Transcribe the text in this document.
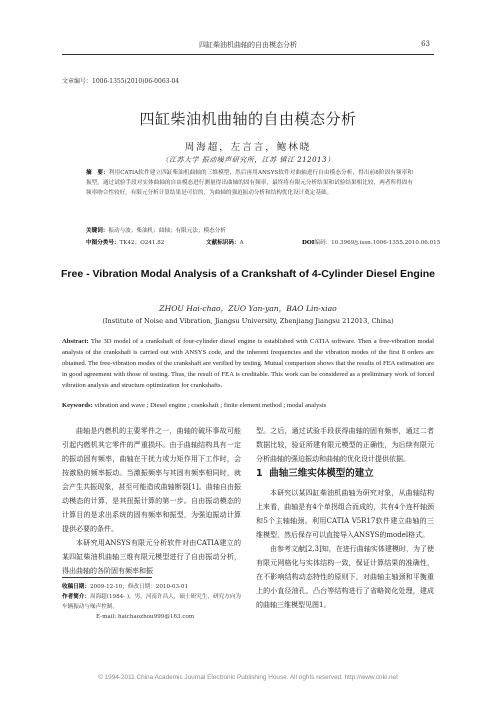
四缸柴油机曲轴的自由模态分析	63
文章编号：1006-1355(2010)06-0063-04
四缸柴油机曲轴的自由模态分析
周海超，左言言，鲍林晓
（江苏大学 振动噪声研究所，江苏 镇江 212013）
摘　要：利用CATIA软件建立四缸柴油机曲轴的三维模型，然后再用ANSYS软件对曲轴进行自由模态分析，得出前8阶固有频率和振型。通过试验手段对实体曲轴的自由模态进行测量得出曲轴的固有频率，最终将有限元分析结果和试验结果相比较，两者所得固有频率吻合性较好，有限元分析计算结果是可信的，为曲轴的强迫振动分析和结构优化设计奠定基础。
关键词：振动与波；柴油机；曲轴；有限元法；模态分析
中图分类号：TK42；O241.82	文献标识码：A	DOI编码：10.3969/j.issn.1006-1355.2010.06.015
Free - Vibration Modal Analysis of a Crankshaft of 4-Cylinder Diesel Engine
ZHOU Hai-chao，ZUO Yan-yan，BAO Lin-xiao
(Institute of Noise and Vibration, Jiangsu University, Zhenjiang Jiangsu 212013, China)
Abstract: The 3D model of a crankshaft of four-cylinder diesel engine is established with CATIA software. Then a free-vibration modal analysis of the crankshaft is carried out with ANSYS code, and the inherent frequencies and the vibration modes of the first 8 orders are obtained. The free-vibration modes of the crankshaft are verified by testing. Mutual comparison shows that the results of FEA estimation are in good agreement with those of testing. Thus, the result of FEA is creditable. This work can be considered as a preliminary work of forced vibration analysis and structure optimization for crankshafts.
Keywords: vibration and wave ; Diesel engine ; crankshaft ; finite element method ; modal analysis

曲轴是内燃机的主要零件之一，曲轴的破坏事故可能引起内燃机其它零件的严重损坏。由于曲轴结构具有一定的振动固有频率，曲轴在干扰力或力矩作用下工作时，会按激励的频率振动。当激振频率与其固有频率相同时，就会产生共振现象，甚至可能造成曲轴断裂[1]。曲轴自由振动模态的计算，是其扭振计算的第一步。自由振动模态的计算目的是求出系统的固有频率和振型，为强迫振动计算提供必要的条件。

本研究用ANSYS有限元分析软件对由CATIA建立的某四缸柴油机曲轴三维有限元模型进行了自由振动分析，得出曲轴的各阶固有频率和振

型。之后，通过试验手段获得曲轴的固有频率，通过二者数据比较，验证所建有限元模型的正确性，为后续有限元分析曲轴的强迫振动和曲轴的优化设计提供依据。

1 曲轴三维实体模型的建立

本研究以某四缸柴油机曲轴为研究对象，从曲轴结构上来看，曲轴是有4个单拐组合而成的，共有4个连杆轴颈和5个主轴轴颈。利用CATIA V5R17软件建立曲轴的三维模型，然后保存可以直接导入ANSYS的model格式。

由参考文献[2,3]知，在进行曲轴实体建模时，为了使有限元网格化与实体结构一致，保证计算结果的准确性，在不影响结构动态特性的原则下，对曲轴主轴颈和平衡重上的小直径油孔，凸台等结构进行了省略简化处理，建成的曲轴三维模型见图1。

收稿日期：2009-12-10；修改日期：2010-03-01
作者简介：周海超(1984- )，男，河南许昌人，硕士研究生，研究方向为车辆振动与噪声控制。
E-mail: haichaozhou999@163.com
© 1994-2011 China Academic Journal Electronic Publishing House. All rights reserved. http://www.cnki.net
